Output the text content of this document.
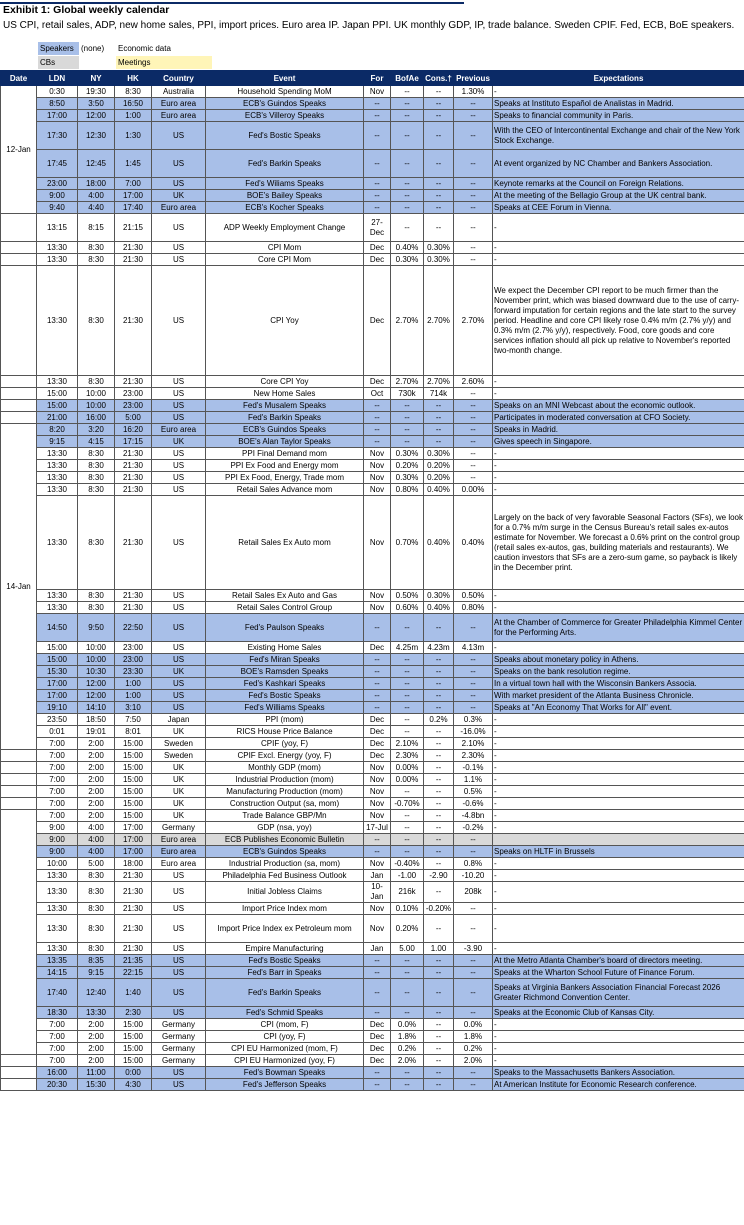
Exhibit 1: Global weekly calendar
US CPI, retail sales, ADP, new home sales, PPI, import prices. Euro area IP. Japan PPI. UK monthly GDP, IP, trade balance. Sweden CPIF. Fed, ECB, BoE speakers.
Speakers (none)	Economic data
CBs	Meetings
Date	LDN	NY	HK	Country	Event	For	BofAe	Cons.†	Previous	Expectations
12-Jan	0:30	19:30	8:30	Australia	Household Spending MoM	Nov	--	--	1.30%	-
	8:50	3:50	16:50	Euro area	ECB's Guindos Speaks	--	--	--	--	Speaks at Instituto Español de Analistas in Madrid.
	17:00	12:00	1:00	Euro area	ECB's Villeroy Speaks	--	--	--	--	Speaks to financial community in Paris.
	17:30	12:30	1:30	US	Fed's Bostic Speaks	--	--	--	--	With the CEO of Intercontinental Exchange and chair of the New York Stock Exchange.
	17:45	12:45	1:45	US	Fed's Barkin Speaks	--	--	--	--	At event organized by NC Chamber and Bankers Association.
	23:00	18:00	7:00	US	Fed's Wiliams Speaks	--	--	--	--	Keynote remarks at the Council on Foreign Relations.
	9:00	4:00	17:00	UK	BOE's Bailey Speaks	--	--	--	--	At the meeting of the Bellagio Group at the UK central bank.
	9:40	4:40	17:40	Euro area	ECB's Kocher Speaks	--	--	--	--	Speaks at CEE Forum in Vienna.
	13:15	8:15	21:15	US	ADP Weekly Employment Change	27-Dec	--	--	--	-
	13:30	8:30	21:30	US	CPI Mom	Dec	0.40%	0.30%	--	-
	13:30	8:30	21:30	US	Core CPI Mom	Dec	0.30%	0.30%	--	-
	13:30	8:30	21:30	US	CPI Yoy	Dec	2.70%	2.70%	2.70%	We expect the December CPI report to be much firmer than the November print, which was biased downward due to the use of carry-forward imputation for certain regions and the late start to the survey period. Headline and core CPI likely rose 0.4% m/m (2.7% y/y) and 0.3% m/m (2.7% y/y), respectively. Food, core goods and core services inflation should all pick up relative to November's reported two-month change.
	13:30	8:30	21:30	US	Core CPI Yoy	Dec	2.70%	2.70%	2.60%	-
	15:00	10:00	23:00	US	New Home Sales	Oct	730k	714k	--	-
	15:00	10:00	23:00	US	Fed's Musalem Speaks	--	--	--	--	Speaks on an MNI Webcast about the economic outlook.
	21:00	16:00	5:00	US	Fed's Barkin Speaks	--	--	--	--	Participates in moderated conversation at CFO Society.
14-Jan	8:20	3:20	16:20	Euro area	ECB's Guindos Speaks	--	--	--	--	Speaks in Madrid.
	9:15	4:15	17:15	UK	BOE's Alan Taylor Speaks	--	--	--	--	Gives speech in Singapore.
	13:30	8:30	21:30	US	PPI Final Demand mom	Nov	0.30%	0.30%	--	-
	13:30	8:30	21:30	US	PPI Ex Food and Energy mom	Nov	0.20%	0.20%	--	-
	13:30	8:30	21:30	US	PPI Ex Food, Energy, Trade mom	Nov	0.30%	0.20%	--	-
	13:30	8:30	21:30	US	Retail Sales Advance mom	Nov	0.80%	0.40%	0.00%	-
	13:30	8:30	21:30	US	Retail Sales Ex Auto mom	Nov	0.70%	0.40%	0.40%	Largely on the back of very favorable Seasonal Factors (SFs), we look for a 0.7% m/m surge in the Census Bureau's retail sales ex-autos estimate for November. We forecast a 0.6% print on the control group (retail sales ex-autos, gas, building materials and restaurants). We caution investors that SFs are a zero-sum game, so payback is likely in the December print.
	13:30	8:30	21:30	US	Retail Sales Ex Auto and Gas	Nov	0.50%	0.30%	0.50%	-
	13:30	8:30	21:30	US	Retail Sales Control Group	Nov	0.60%	0.40%	0.80%	-
	14:50	9:50	22:50	US	Fed's Paulson Speaks	--	--	--	--	At the Chamber of Commerce for Greater Philadelphia Kimmel Center for the Performing Arts.
	15:00	10:00	23:00	US	Existing Home Sales	Dec	4.25m	4.23m	4.13m	-
	15:00	10:00	23:00	US	Fed's Miran Speaks	--	--	--	--	Speaks about monetary policy in Athens.
	15:30	10:30	23:30	UK	BOE's Ramsden Speaks	--	--	--	--	Speaks on the bank resolution regime.
	17:00	12:00	1:00	US	Fed's Kashkari Speaks	--	--	--	--	In a virtual town hall with the Wisconsin Bankers Associa.
	17:00	12:00	1:00	US	Fed's Bostic Speaks	--	--	--	--	With market president of the Atlanta Business Chronicle.
	19:10	14:10	3:10	US	Fed's Williams Speaks	--	--	--	--	Speaks at "An Economy That Works for All" event.
	23:50	18:50	7:50	Japan	PPI (mom)	Dec	--	0.2%	0.3%	-
	0:01	19:01	8:01	UK	RICS House Price Balance	Dec	--	--	-16.0%	-
	7:00	2:00	15:00	Sweden	CPIF (yoy, F)	Dec	2.10%	--	2.10%	-
	7:00	2:00	15:00	Sweden	CPIF Excl. Energy (yoy, F)	Dec	2.30%	--	2.30%	-
	7:00	2:00	15:00	UK	Monthly GDP (mom)	Nov	0.00%	--	-0.1%	-
	7:00	2:00	15:00	UK	Industrial Production (mom)	Nov	0.00%	--	1.1%	-
	7:00	2:00	15:00	UK	Manufacturing Production (mom)	Nov	--	--	0.5%	-
	7:00	2:00	15:00	UK	Construction Output (sa, mom)	Nov	-0.70%	--	-0.6%	-
	7:00	2:00	15:00	UK	Trade Balance GBP/Mn	Nov	--	--	-4.8bn	-
	9:00	4:00	17:00	Germany	GDP (nsa, yoy)	17-Jul	--	--	-0.2%	-
	9:00	4:00	17:00	Euro area	ECB Publishes Economic Bulletin	--	--	--	--	
	9:00	4:00	17:00	Euro area	ECB's Guindos Speaks	--	--	--	--	Speaks on HLTF in Brussels
	10:00	5:00	18:00	Euro area	Industrial Production (sa, mom)	Nov	-0.40%	--	0.8%	-
	13:30	8:30	21:30	US	Philadelphia Fed Business Outlook	Jan	-1.00	-2.90	-10.20	-
	13:30	8:30	21:30	US	Initial Jobless Claims	10-Jan	216k	--	208k	-
	13:30	8:30	21:30	US	Import Price Index mom	Nov	0.10%	-0.20%	--	-
	13:30	8:30	21:30	US	Import Price Index ex Petroleum mom	Nov	0.20%	--	--	-
	13:30	8:30	21:30	US	Empire Manufacturing	Jan	5.00	1.00	-3.90	-
	13:35	8:35	21:35	US	Fed's Bostic Speaks	--	--	--	--	At the Metro Atlanta Chamber's board of directors meeting.
	14:15	9:15	22:15	US	Fed's Barr in Speaks	--	--	--	--	Speaks at the Wharton School Future of Finance Forum.
	17:40	12:40	1:40	US	Fed's Barkin Speaks	--	--	--	--	Speaks at Virginia Bankers Association Financial Forecast 2026 Greater Richmond Convention Center.
	18:30	13:30	2:30	US	Fed's Schmid Speaks	--	--	--	--	Speaks at the Economic Club of Kansas City.
	7:00	2:00	15:00	Germany	CPI (mom, F)	Dec	0.0%	--	0.0%	-
	7:00	2:00	15:00	Germany	CPI (yoy, F)	Dec	1.8%	--	1.8%	-
	7:00	2:00	15:00	Germany	CPI EU Harmonized (mom, F)	Dec	0.2%	--	0.2%	-
	7:00	2:00	15:00	Germany	CPI EU Harmonized (yoy, F)	Dec	2.0%	--	2.0%	-
	16:00	11:00	0:00	US	Fed's Bowman Speaks	--	--	--	--	Speaks to the Massachusetts Bankers Association.
	20:30	15:30	4:30	US	Fed's Jefferson Speaks	--	--	--	--	At American Institute for Economic Research conference.
